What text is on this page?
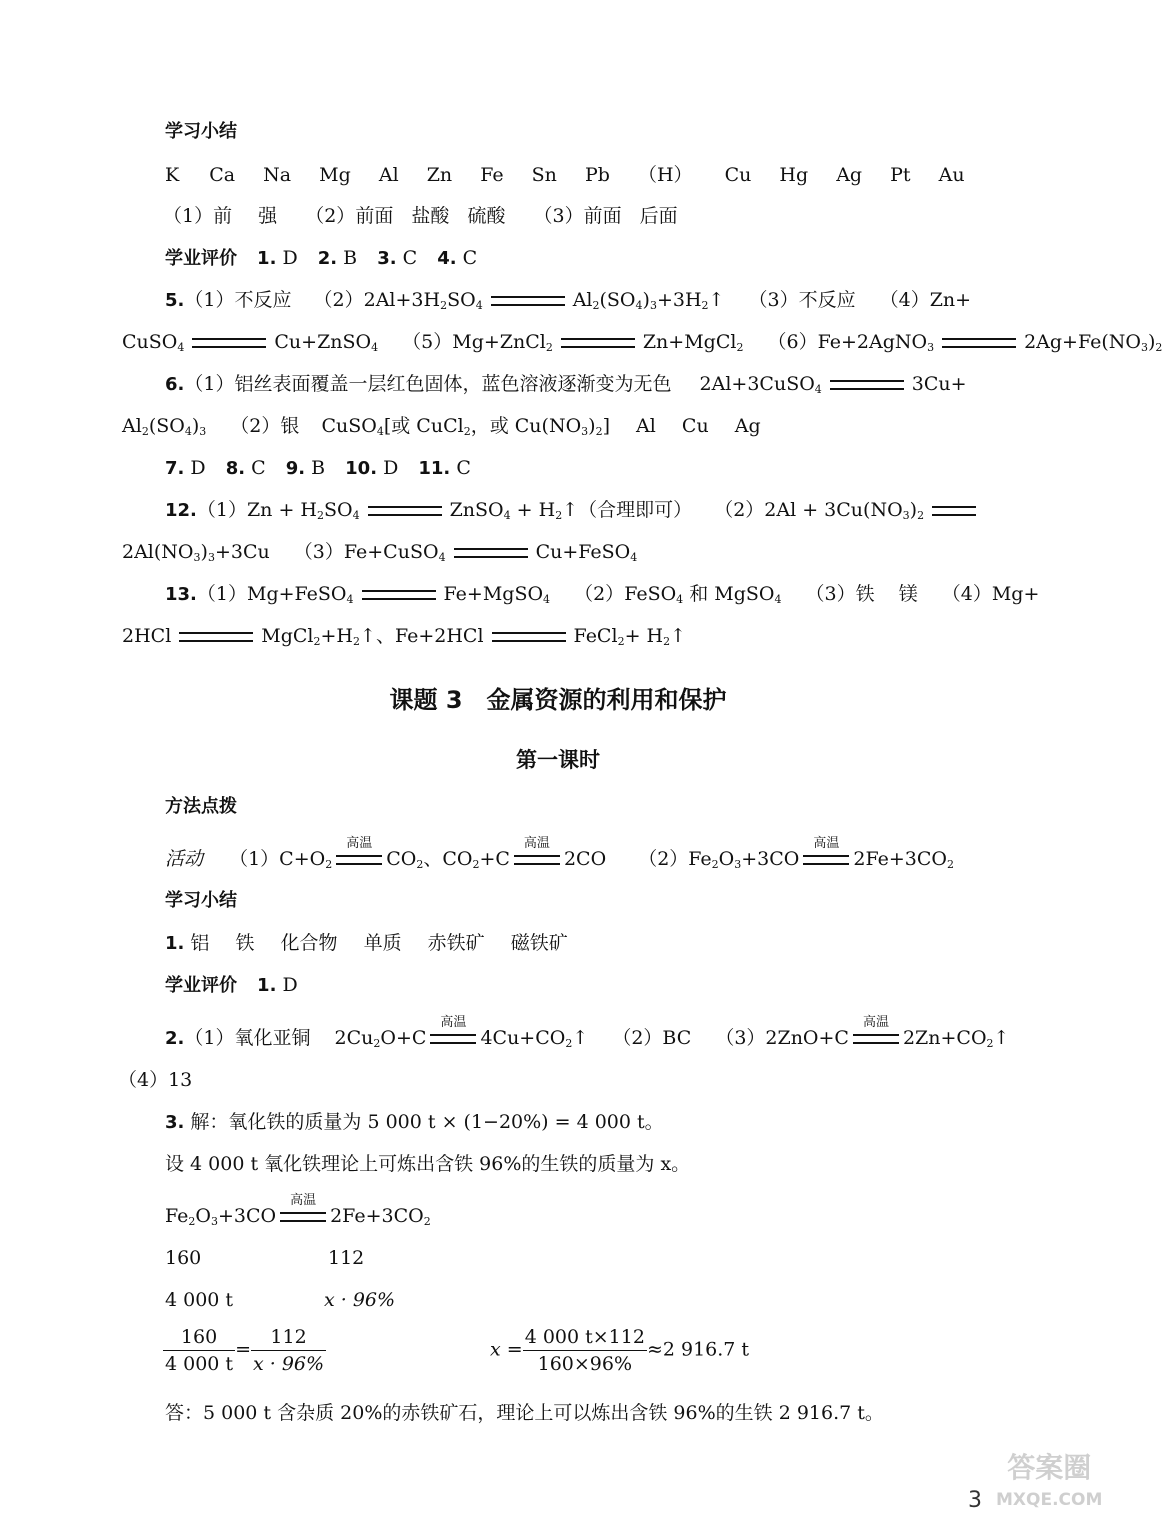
学习小结
K Ca Na Mg Al Zn Fe Sn Pb （H） Cu Hg Ag Pt Au
（1）前 强 （2）前面 盐酸 硫酸 （3）前面 后面
学业评价 1. D 2. B 3. C 4. C
5.（1）不反应 $(2)2Al+3H_2SO_4$	$Al_2(SO_4)_3+3H_2↑$ （3）不反应 （4）Zn+
CuSO$_4$	Cu+ZnSO$_4$ （5）Mg+ZnCl$_2$	Zn+MgCl$_2$ （6）Fe+2AgNO$_3$	$2Ag+Fe(NO_3)_2$
6.（1）铝丝表面覆盖一层红色固体，蓝色溶液逐渐变为无色 2Al+3CuSO$_4$	3Cu+
$Al_2(SO_4)_3$ （2）银 CuSO$_4$[或 CuCl$_2$，或 $Cu(NO_3)_2$] Al Cu Ag
7. D 8. C 9. B 10. D 11. C
$12.(1)Zn + H_2SO_4$	ZnSO$_4$ + $H_2↑$（合理即可） $(2)2Al + 3Cu(NO_3)_2$
$2Al(NO_3)_3+3Cu$ （3）Fe+CuSO$_4$	Cu+FeSO$_4$
13.（1）Mg+FeSO$_4$	Fe+MgSO$_4$ （2）FeSO$_4$ 和 MgSO$_4$ （3）铁 镁 （4）Mg+
2HCl	$MgCl_2+H_2↑$、Fe+2HCl	FeCl$_2$+ $H_2↑$
课题 3　金属资源的利用和保护
第一课时
方法点拨
活动 $(1)C+O_2$
高温
$CO_2$、$CO_2+C$
高温
2CO $(2)Fe_2O_3+3CO$
高温
$2Fe+3CO_2$
学习小结
1. 铝 铁 化合物 单质 赤铁矿 磁铁矿
学业评价 1. D
2.（1）氧化亚铜 $2Cu_2O+C$
高温
$4Cu+CO_2↑$ （2）BC （3）2ZnO+C
高温
$2Zn+CO_2↑$
（4）13
3. 解：氧化铁的质量为 5 000 t × (1−20%) = 4 000 t。
设 4 000 t 氧化铁理论上可炼出含铁 96%的生铁的质量为 x。
$Fe_2O_3+3CO$
高温
$2Fe+3CO_2$
160	112
4 000 t	x · 96%
$\frac{160}{4 000 t} = \frac{112}{x \cdot 96\%}$	$x = \frac{4 000 t\times 112}{160\times 96\%} \approx 2$ 916.7 t
答：5 000 t 含杂质 20%的赤铁矿石，理论上可以炼出含铁 96%的生铁 2 916.7 t。
3
答案圈
MXQE.COM
